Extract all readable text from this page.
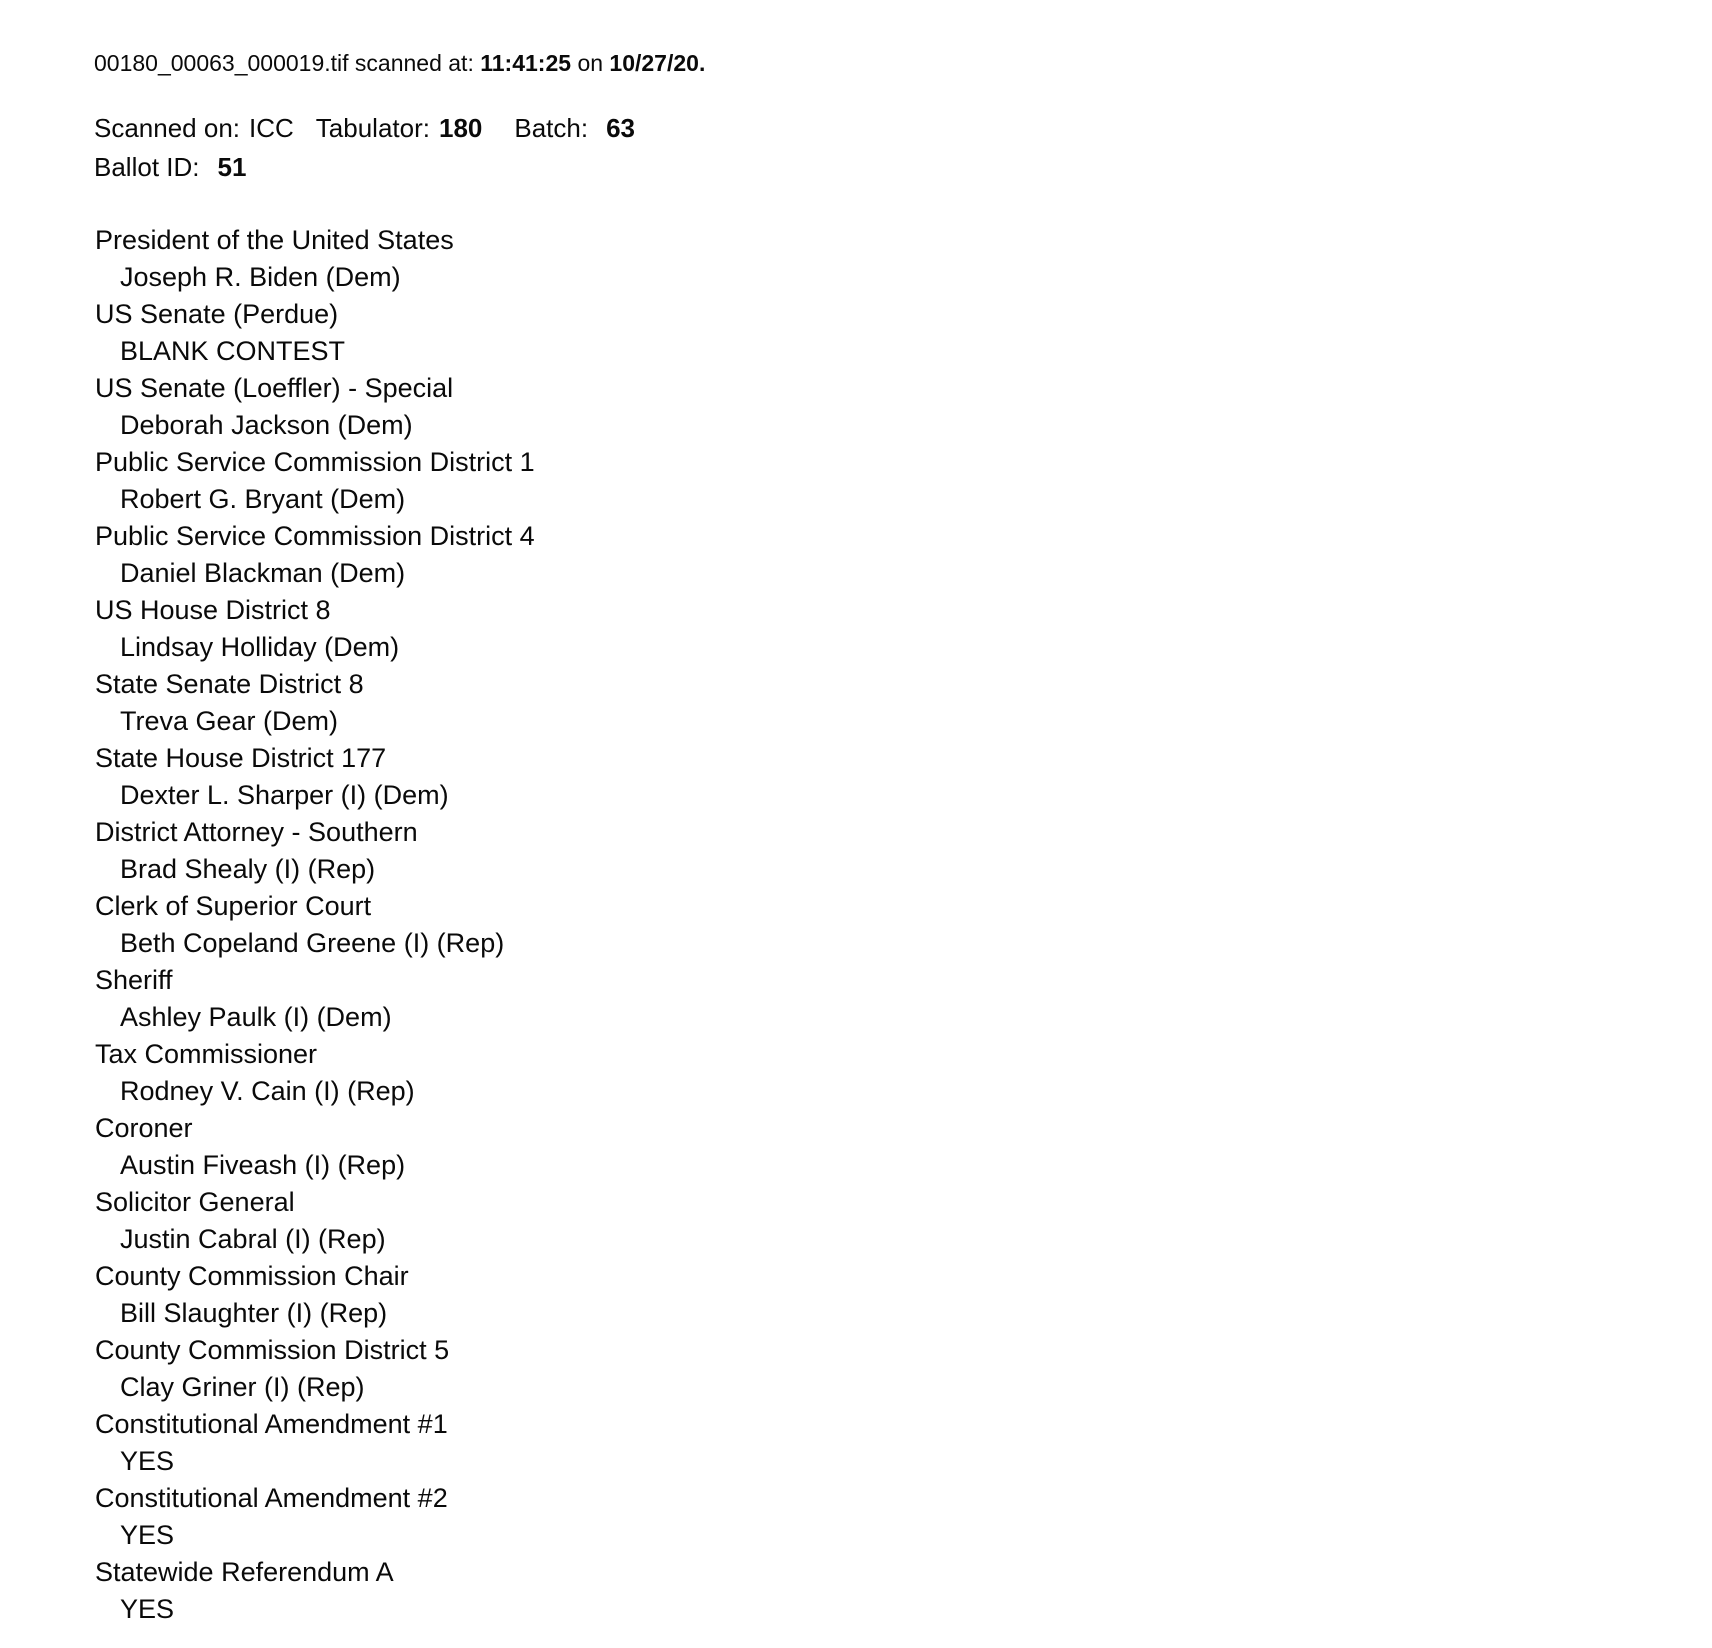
00180_00063_000019.tif scanned at: 11:41:25 on 10/27/20.
Scanned on: ICC Tabulator: 180 Batch: 63
Ballot ID: 51
President of the United States
Joseph R. Biden (Dem)
US Senate (Perdue)
BLANK CONTEST
US Senate (Loeffler) - Special
Deborah Jackson (Dem)
Public Service Commission District 1
Robert G. Bryant (Dem)
Public Service Commission District 4
Daniel Blackman (Dem)
US House District 8
Lindsay Holliday (Dem)
State Senate District 8
Treva Gear (Dem)
State House District 177
Dexter L. Sharper (I) (Dem)
District Attorney - Southern
Brad Shealy (I) (Rep)
Clerk of Superior Court
Beth Copeland Greene (I) (Rep)
Sheriff
Ashley Paulk (I) (Dem)
Tax Commissioner
Rodney V. Cain (I) (Rep)
Coroner
Austin Fiveash (I) (Rep)
Solicitor General
Justin Cabral (I) (Rep)
County Commission Chair
Bill Slaughter (I) (Rep)
County Commission District 5
Clay Griner (I) (Rep)
Constitutional Amendment #1
YES
Constitutional Amendment #2
YES
Statewide Referendum A
YES
